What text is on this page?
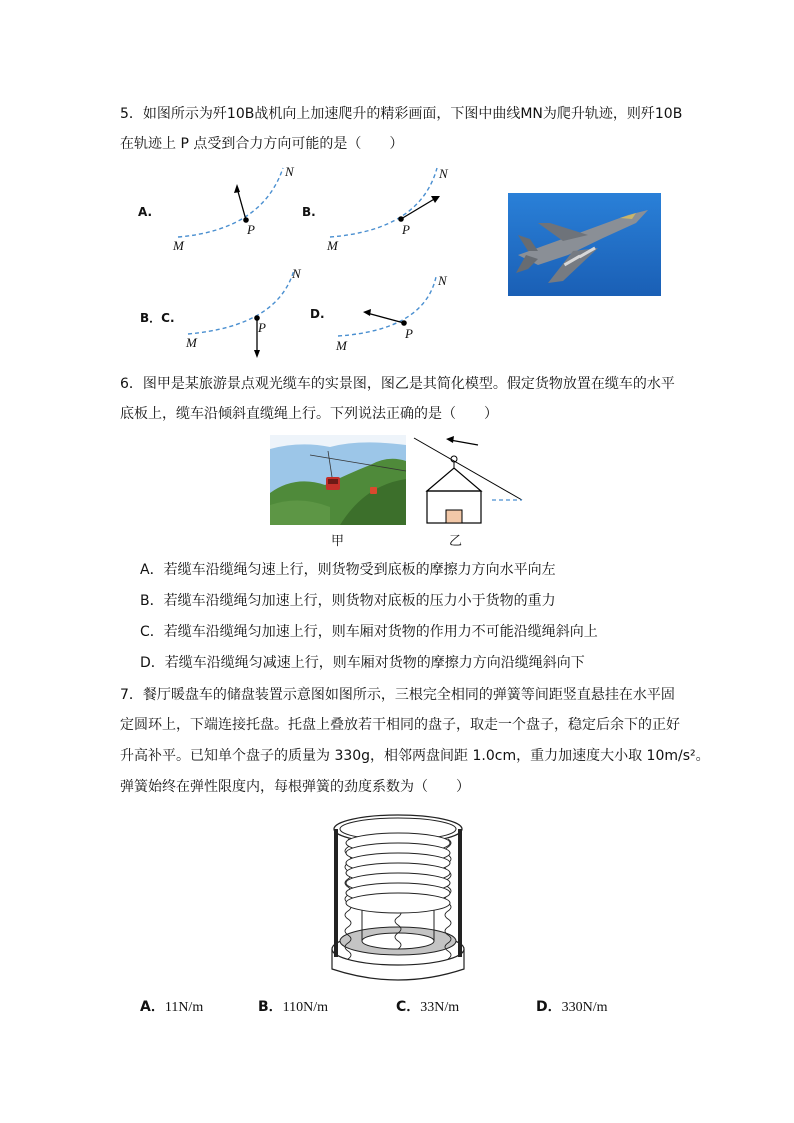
5．如图所示为歼10B战机向上加速爬升的精彩画面，下图中曲线MN为爬升轨迹，则歼10B
在轨迹上 P 点受到合力方向可能的是（　　）
A.
N
P
M
B.
N
P
M
B．C.
N
P
M
D.
N
P
M
6．图甲是某旅游景点观光缆车的实景图，图乙是其简化模型。假定货物放置在缆车的水平
底板上，缆车沿倾斜直缆绳上行。下列说法正确的是（　　）
甲	乙
A．若缆车沿缆绳匀速上行，则货物受到底板的摩擦力方向水平向左
B．若缆车沿缆绳匀加速上行，则货物对底板的压力小于货物的重力
C．若缆车沿缆绳匀加速上行，则车厢对货物的作用力不可能沿缆绳斜向上
D．若缆车沿缆绳匀减速上行，则车厢对货物的摩擦力方向沿缆绳斜向下
7．餐厅暖盘车的储盘装置示意图如图所示，三根完全相同的弹簧等间距竖直悬挂在水平固
定圆环上，下端连接托盘。托盘上叠放若干相同的盘子，取走一个盘子，稳定后余下的正好
升高补平。已知单个盘子的质量为 330g，相邻两盘间距 1.0cm，重力加速度大小取 10m/s²。
弹簧始终在弹性限度内，每根弹簧的劲度系数为（　　）
A．11N/m	B．110N/m	C．33N/m	D．330N/m
